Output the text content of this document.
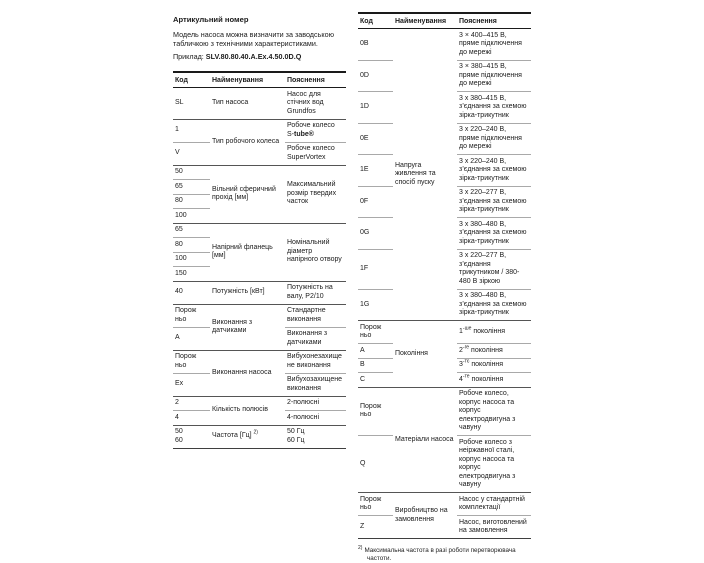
Артикульний номер
Модель насоса можна визначити за заводською табличкою з технічними характеристиками.
Приклад: SLV.80.80.40.A.Ex.4.50.0D.Q
Код	Найменування	Пояснення
SL	Тип насоса	Насос для стічних вод Grundfos
1	Тип робочого колеса	Робоче колесо S-tube®
V		Робоче колесо SuperVortex
50	Вільний сферичний прохід [мм]	Максимальний розмір твердих часток
65		
80		
100		
65	Напірний фланець [мм]	Номінальний діаметр напірного отвору
80		
100		
150		
40	Потужність [кВт]	Потужність на валу, P2/10
Порож
ньо	Виконання з датчиками	Стандартне виконання
A		Виконання з датчиками
Порож
ньо	Виконання насоса	Вибухонезахищене виконання
Ex		Вибухозахищене виконання
2	Кількість полюсів	2-полюсні
4		4-полюсні
50
60	Частота [Гц] $^{2)}$	50 Гц
60 Гц
Код	Найменування	Пояснення
0B	Напруга живлення та спосіб пуску	3 × 400–415 В, пряме підключення до мережі
0D		3 × 380–415 В, пряме підключення до мережі
1D		3 x 380–415 В,
з’єднання за схемою зірка-трикутник
0E		3 x 220–240 В, пряме підключення до мережі
1E		3 x 220–240 В,
з’єднання за схемою зірка-трикутник
0F		3 x 220–277 В,
з’єднання за схемою зірка-трикутник
0G		3 x 380–480 В,
з’єднання за схемою зірка-трикутник
1F		3 x 220–277 В,
з’єднання трикутником / 380-480 В зіркою
1G		3 x 380–480 В,
з’єднання за схемою зірка-трикутник
Порож
ньо	Покоління	$1^{-ше}$ покоління
A		$2^{-ге}$ покоління
B		$3^{-тє}$ покоління
C		$4^{-те}$ покоління
Порож
ньо	Матеріали насоса	Робоче колесо, корпус насоса та корпус електродвигуна з чавуну
Q		Робоче колесо з неіржавної сталі, корпус насоса та корпус електродвигуна з чавуну
Порож
ньо	Виробництво на замовлення	Насос у стандартній комплектації
Z		Насос, виготовлений на замовлення
$^{2)}$ Максимальна частота в разі роботи перетворювача частоти.
